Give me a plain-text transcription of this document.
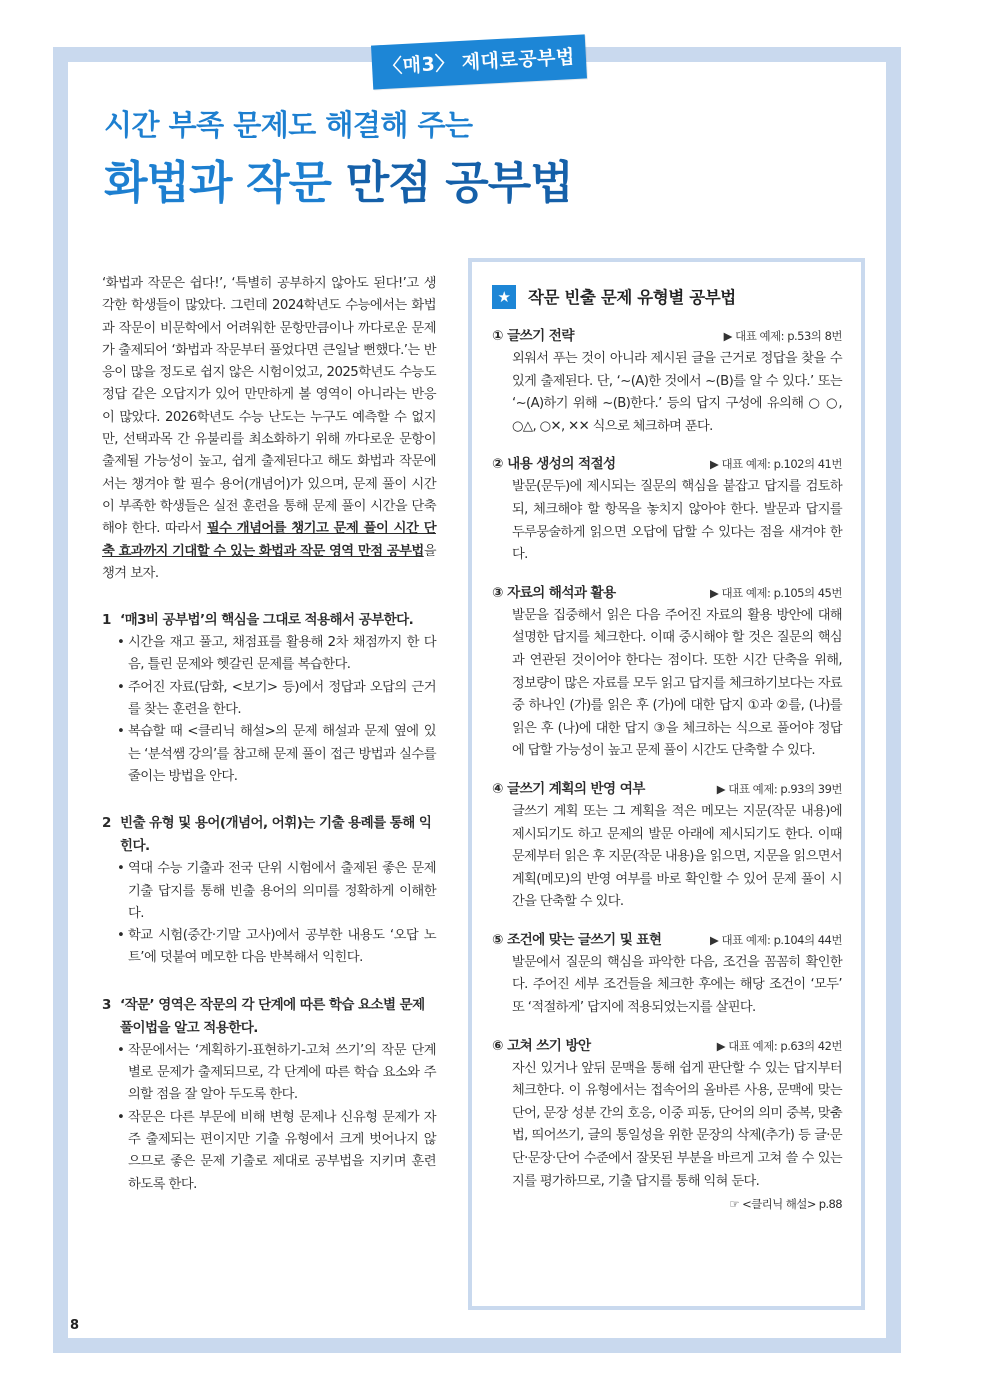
〈매3〉 제대로공부법
시간 부족 문제도 해결해 주는
화법과 작문 만점 공부법

‘화법과 작문은 쉽다!’, ‘특별히 공부하지 않아도 된다!’고 생각한 학생들이 많았다. 그런데 2024학년도 수능에서는 화법과 작문이 비문학에서 어려워한 문항만큼이나 까다로운 문제가 출제되어 ‘화법과 작문부터 풀었다면 큰일날 뻔했다.’는 반응이 많을 정도로 쉽지 않은 시험이었고, 2025학년도 수능도 정답 같은 오답지가 있어 만만하게 볼 영역이 아니라는 반응이 많았다. 2026학년도 수능 난도는 누구도 예측할 수 없지만, 선택과목 간 유불리를 최소화하기 위해 까다로운 문항이 출제될 가능성이 높고, 쉽게 출제된다고 해도 화법과 작문에서는 챙겨야 할 필수 용어(개념어)가 있으며, 문제 풀이 시간이 부족한 학생들은 실전 훈련을 통해 문제 풀이 시간을 단축해야 한다. 따라서 필수 개념어를 챙기고 문제 풀이 시간 단축 효과까지 기대할 수 있는 화법과 작문 영역 만점 공부법을 챙겨 보자.

1 ‘매3비 공부법’의 핵심을 그대로 적용해서 공부한다.

• 시간을 재고 풀고, 채점표를 활용해 2차 채점까지 한 다음, 틀린 문제와 헷갈린 문제를 복습한다.

• 주어진 자료(담화, <보기> 등)에서 정답과 오답의 근거를 찾는 훈련을 한다.

• 복습할 때 <클리닉 해설>의 문제 해설과 문제 옆에 있는 ‘분석쌤 강의’를 참고해 문제 풀이 접근 방법과 실수를 줄이는 방법을 안다.

2 빈출 유형 및 용어(개념어, 어휘)는 기출 용례를 통해 익힌다.

• 역대 수능 기출과 전국 단위 시험에서 출제된 좋은 문제 기출 답지를 통해 빈출 용어의 의미를 정확하게 이해한다.

• 학교 시험(중간·기말 고사)에서 공부한 내용도 ‘오답 노트’에 덧붙여 메모한 다음 반복해서 익힌다.

3 ‘작문’ 영역은 작문의 각 단계에 따른 학습 요소별 문제 풀이법을 알고 적용한다.

• 작문에서는 ‘계획하기-표현하기-고쳐 쓰기’의 작문 단계별로 문제가 출제되므로, 각 단계에 따른 학습 요소와 주의할 점을 잘 알아 두도록 한다.

• 작문은 다른 부문에 비해 변형 문제나 신유형 문제가 자주 출제되는 편이지만 기출 유형에서 크게 벗어나지 않으므로 좋은 문제 기출로 제대로 공부법을 지키며 훈련하도록 한다.

★ 작문 빈출 문제 유형별 공부법
① 글쓰기 전략	▶ 대표 예제: p.53의 8번
외워서 푸는 것이 아니라 제시된 글을 근거로 정답을 찾을 수 있게 출제된다. 단, ‘~(A)한 것에서 ~(B)를 알 수 있다.’ 또는 ‘~(A)하기 위해 ~(B)한다.’ 등의 답지 구성에 유의해 ○ ○, ○△, ○✕, ✕✕ 식으로 체크하며 푼다.
② 내용 생성의 적절성	▶ 대표 예제: p.102의 41번
발문(문두)에 제시되는 질문의 핵심을 붙잡고 답지를 검토하되, 체크해야 할 항목을 놓치지 않아야 한다. 발문과 답지를 두루뭉술하게 읽으면 오답에 답할 수 있다는 점을 새겨야 한다.
③ 자료의 해석과 활용	▶ 대표 예제: p.105의 45번
발문을 집중해서 읽은 다음 주어진 자료의 활용 방안에 대해 설명한 답지를 체크한다. 이때 중시해야 할 것은 질문의 핵심과 연관된 것이어야 한다는 점이다. 또한 시간 단축을 위해, 정보량이 많은 자료를 모두 읽고 답지를 체크하기보다는 자료 중 하나인 (가)를 읽은 후 (가)에 대한 답지 ①과 ②를, (나)를 읽은 후 (나)에 대한 답지 ③을 체크하는 식으로 풀어야 정답에 답할 가능성이 높고 문제 풀이 시간도 단축할 수 있다.
④ 글쓰기 계획의 반영 여부	▶ 대표 예제: p.93의 39번
글쓰기 계획 또는 그 계획을 적은 메모는 지문(작문 내용)에 제시되기도 하고 문제의 발문 아래에 제시되기도 한다. 이때 문제부터 읽은 후 지문(작문 내용)을 읽으면, 지문을 읽으면서 계획(메모)의 반영 여부를 바로 확인할 수 있어 문제 풀이 시간을 단축할 수 있다.
⑤ 조건에 맞는 글쓰기 및 표현	▶ 대표 예제: p.104의 44번
발문에서 질문의 핵심을 파악한 다음, 조건을 꼼꼼히 확인한다. 주어진 세부 조건들을 체크한 후에는 해당 조건이 ‘모두’ 또 ‘적절하게’ 답지에 적용되었는지를 살핀다.
⑥ 고쳐 쓰기 방안	▶ 대표 예제: p.63의 42번
자신 있거나 앞뒤 문맥을 통해 쉽게 판단할 수 있는 답지부터 체크한다. 이 유형에서는 접속어의 올바른 사용, 문맥에 맞는 단어, 문장 성분 간의 호응, 이중 피동, 단어의 의미 중복, 맞춤법, 띄어쓰기, 글의 통일성을 위한 문장의 삭제(추가) 등 글·문단·문장·단어 수준에서 잘못된 부분을 바르게 고쳐 쓸 수 있는지를 평가하므로, 기출 답지를 통해 익혀 둔다.
☞ <클리닉 해설> p.88
8
